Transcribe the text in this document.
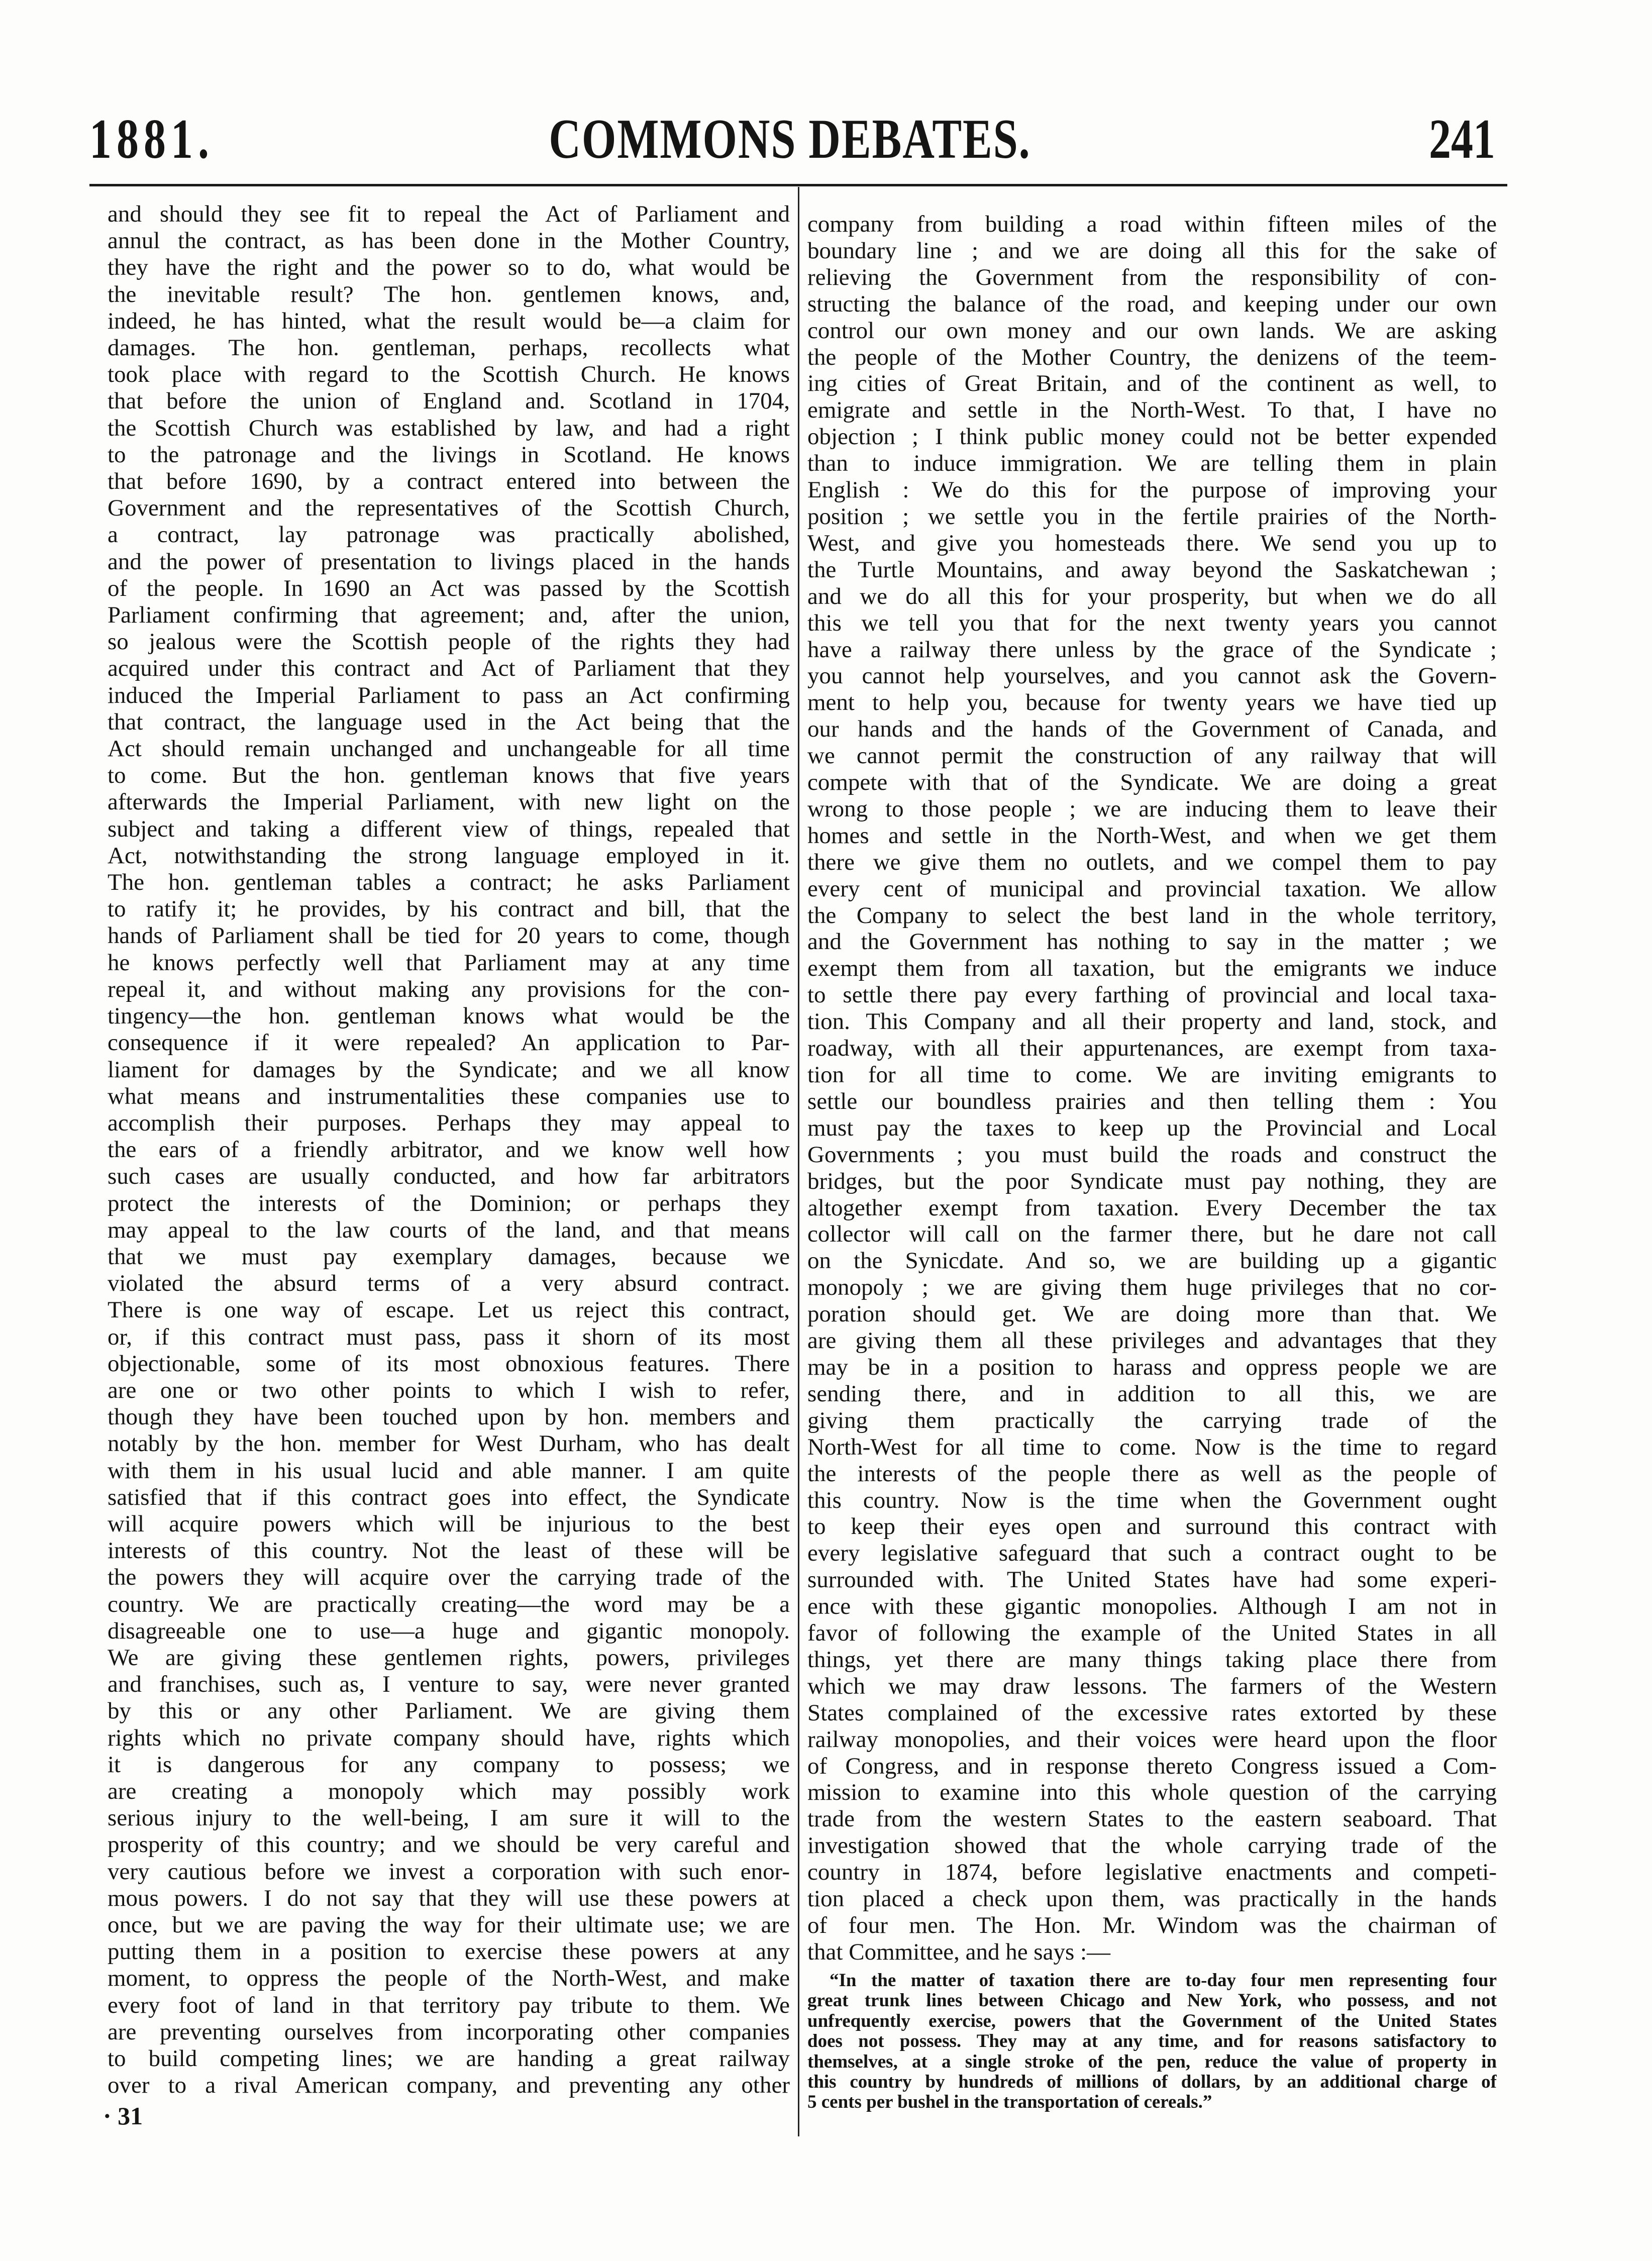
1881.	COMMONS DEBATES.	241
and should they see fit to repeal the Act of Parliament and
annul the contract, as has been done in the Mother Country,
they have the right and the power so to do, what would be
the inevitable result? The hon. gentlemen knows, and,
indeed, he has hinted, what the result would be—a claim for
damages. The hon. gentleman, perhaps, recollects what
took place with regard to the Scottish Church. He knows
that before the union of England and. Scotland in 1704,
the Scottish Church was established by law, and had a right
to the patronage and the livings in Scotland. He knows
that before 1690, by a contract entered into between the
Government and the representatives of the Scottish Church,
a contract, lay patronage was practically abolished,
and the power of presentation to livings placed in the hands
of the people. In 1690 an Act was passed by the Scottish
Parliament confirming that agreement; and, after the union,
so jealous were the Scottish people of the rights they had
acquired under this contract and Act of Parliament that they
induced the Imperial Parliament to pass an Act confirming
that contract, the language used in the Act being that the
Act should remain unchanged and unchangeable for all time
to come. But the hon. gentleman knows that five years
afterwards the Imperial Parliament, with new light on the
subject and taking a different view of things, repealed that
Act, notwithstanding the strong language employed in it.
The hon. gentleman tables a contract; he asks Parliament
to ratify it; he provides, by his contract and bill, that the
hands of Parliament shall be tied for 20 years to come, though
he knows perfectly well that Parliament may at any time
repeal it, and without making any provisions for the con-
tingency—the hon. gentleman knows what would be the
consequence if it were repealed? An application to Par-
liament for damages by the Syndicate; and we all know
what means and instrumentalities these companies use to
accomplish their purposes. Perhaps they may appeal to
the ears of a friendly arbitrator, and we know well how
such cases are usually conducted, and how far arbitrators
protect the interests of the Dominion; or perhaps they
may appeal to the law courts of the land, and that means
that we must pay exemplary damages, because we
violated the absurd terms of a very absurd contract.
There is one way of escape. Let us reject this contract,
or, if this contract must pass, pass it shorn of its most
objectionable, some of its most obnoxious features. There
are one or two other points to which I wish to refer,
though they have been touched upon by hon. members and
notably by the hon. member for West Durham, who has dealt
with them in his usual lucid and able manner. I am quite
satisfied that if this contract goes into effect, the Syndicate
will acquire powers which will be injurious to the best
interests of this country. Not the least of these will be
the powers they will acquire over the carrying trade of the
country. We are practically creating—the word may be a
disagreeable one to use—a huge and gigantic monopoly.
We are giving these gentlemen rights, powers, privileges
and franchises, such as, I venture to say, were never granted
by this or any other Parliament. We are giving them
rights which no private company should have, rights which
it is dangerous for any company to possess; we
are creating a monopoly which may possibly work
serious injury to the well-being, I am sure it will to the
prosperity of this country; and we should be very careful and
very cautious before we invest a corporation with such enor-
mous powers. I do not say that they will use these powers at
once, but we are paving the way for their ultimate use; we are
putting them in a position to exercise these powers at any
moment, to oppress the people of the North-West, and make
every foot of land in that territory pay tribute to them. We
are preventing ourselves from incorporating other companies
to build competing lines; we are handing a great railway
over to a rival American company, and preventing any other
company from building a road within fifteen miles of the
boundary line ; and we are doing all this for the sake of
relieving the Government from the responsibility of con-
structing the balance of the road, and keeping under our own
control our own money and our own lands. We are asking
the people of the Mother Country, the denizens of the teem-
ing cities of Great Britain, and of the continent as well, to
emigrate and settle in the North-West. To that, I have no
objection ; I think public money could not be better expended
than to induce immigration. We are telling them in plain
English : We do this for the purpose of improving your
position ; we settle you in the fertile prairies of the North-
West, and give you homesteads there. We send you up to
the Turtle Mountains, and away beyond the Saskatchewan ;
and we do all this for your prosperity, but when we do all
this we tell you that for the next twenty years you cannot
have a railway there unless by the grace of the Syndicate ;
you cannot help yourselves, and you cannot ask the Govern-
ment to help you, because for twenty years we have tied up
our hands and the hands of the Government of Canada, and
we cannot permit the construction of any railway that will
compete with that of the Syndicate. We are doing a great
wrong to those people ; we are inducing them to leave their
homes and settle in the North-West, and when we get them
there we give them no outlets, and we compel them to pay
every cent of municipal and provincial taxation. We allow
the Company to select the best land in the whole territory,
and the Government has nothing to say in the matter ; we
exempt them from all taxation, but the emigrants we induce
to settle there pay every farthing of provincial and local taxa-
tion. This Company and all their property and land, stock, and
roadway, with all their appurtenances, are exempt from taxa-
tion for all time to come. We are inviting emigrants to
settle our boundless prairies and then telling them : You
must pay the taxes to keep up the Provincial and Local
Governments ; you must build the roads and construct the
bridges, but the poor Syndicate must pay nothing, they are
altogether exempt from taxation. Every December the tax
collector will call on the farmer there, but he dare not call
on the Synicdate. And so, we are building up a gigantic
monopoly ; we are giving them huge privileges that no cor-
poration should get. We are doing more than that. We
are giving them all these privileges and advantages that they
may be in a position to harass and oppress people we are
sending there, and in addition to all this, we are
giving them practically the carrying trade of the
North-West for all time to come. Now is the time to regard
the interests of the people there as well as the people of
this country. Now is the time when the Government ought
to keep their eyes open and surround this contract with
every legislative safeguard that such a contract ought to be
surrounded with. The United States have had some experi-
ence with these gigantic monopolies. Although I am not in
favor of following the example of the United States in all
things, yet there are many things taking place there from
which we may draw lessons. The farmers of the Western
States complained of the excessive rates extorted by these
railway monopolies, and their voices were heard upon the floor
of Congress, and in response thereto Congress issued a Com-
mission to examine into this whole question of the carrying
trade from the western States to the eastern seaboard. That
investigation showed that the whole carrying trade of the
country in 1874, before legislative enactments and competi-
tion placed a check upon them, was practically in the hands
of four men. The Hon. Mr. Windom was the chairman of
that Committee, and he says :—
“In the matter of taxation there are to-day four men representing four
great trunk lines between Chicago and New York, who possess, and not
unfrequently exercise, powers that the Government of the United States
does not possess. They may at any time, and for reasons satisfactory to
themselves, at a single stroke of the pen, reduce the value of property in
this country by hundreds of millions of dollars, by an additional charge of
5 cents per bushel in the transportation of cereals.”
· 31
